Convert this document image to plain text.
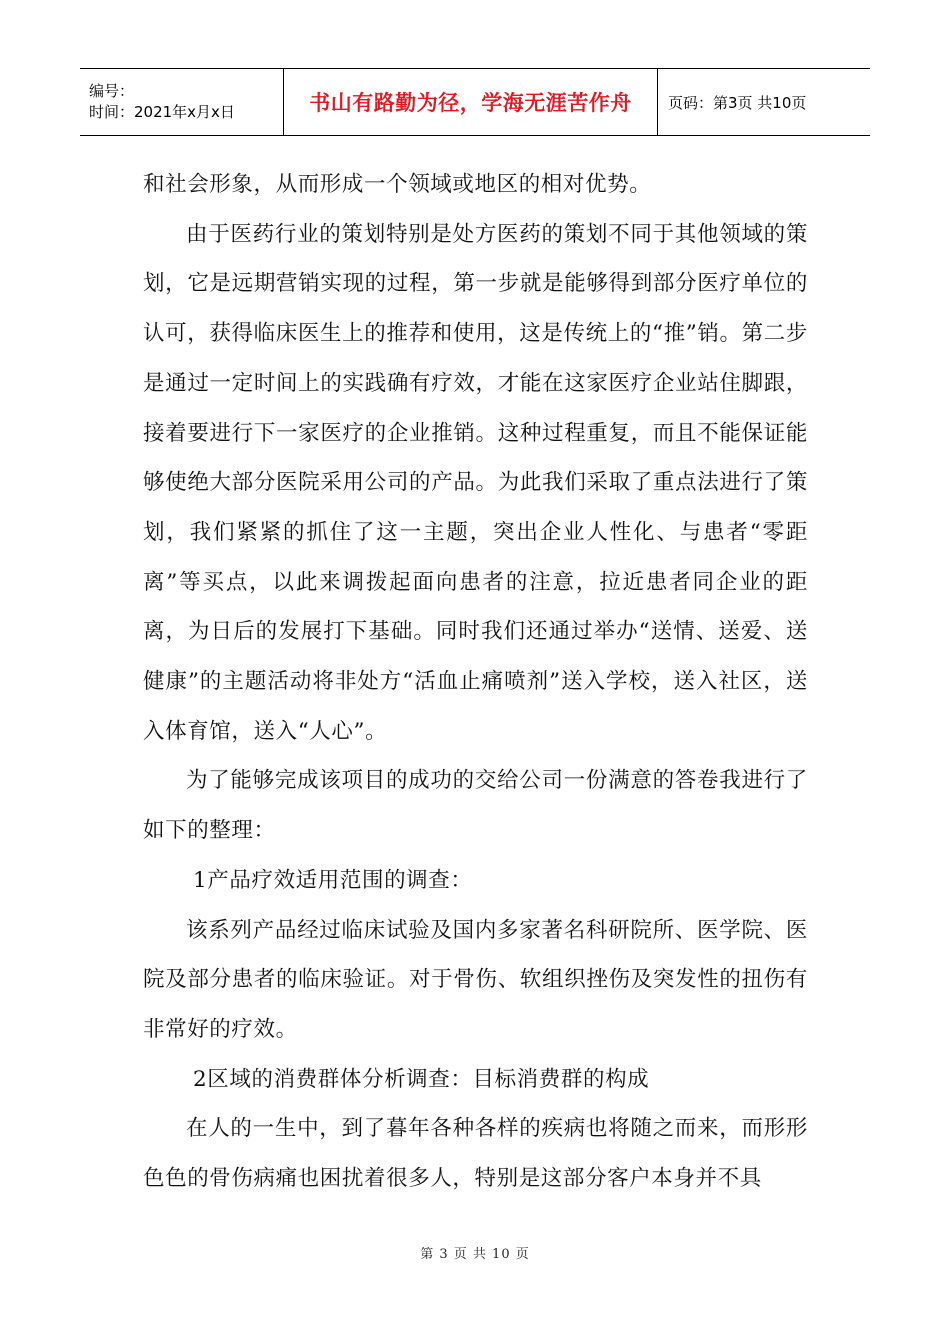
编号：
时间：2021年x月x日	书山有路勤为径，学海无涯苦作舟	页码：第3页 共10页

和社会形象，从而形成一个领域或地区的相对优势。

由于医药行业的策划特别是处方医药的策划不同于其他领域的策划，它是远期营销实现的过程，第一步就是能够得到部分医疗单位的认可，获得临床医生上的推荐和使用，这是传统上的“推”销。第二步 是通过一定时间上的实践确有疗效，才能在这家医疗企业站住脚跟，接着要进行下一家医疗的企业推销。这种过程重复，而且不能保证能够使绝大部分医院采用公司的产品。为此我们采取了重点法进行了策划，我们紧紧的抓住了这一主题，突出企业人性化、与患者“零距离”等买点，以此来调拨起面向患者的注意，拉近患者同企业的距离，为日后的发展打下基础。同时我们还通过举办“送情、送爱、送健康”的主题活动将非处方“活血止痛喷剂”送入学校，送入社区，送入体育馆，送入“人心”。

为了能够完成该项目的成功的交给公司一份满意的答卷我进行了如下的整理：

1产品疗效适用范围的调查：

该系列产品经过临床试验及国内多家著名科研院所、医学院、医院及部分患者的临床验证。对于骨伤、软组织挫伤及突发性的扭伤有非常好的疗效。

2区域的消费群体分析调查：目标消费群的构成

在人的一生中，到了暮年各种各样的疾病也将随之而来，而形形色色的骨伤病痛也困扰着很多人，特别是这部分客户本身并不具

第 3 页 共 10 页
